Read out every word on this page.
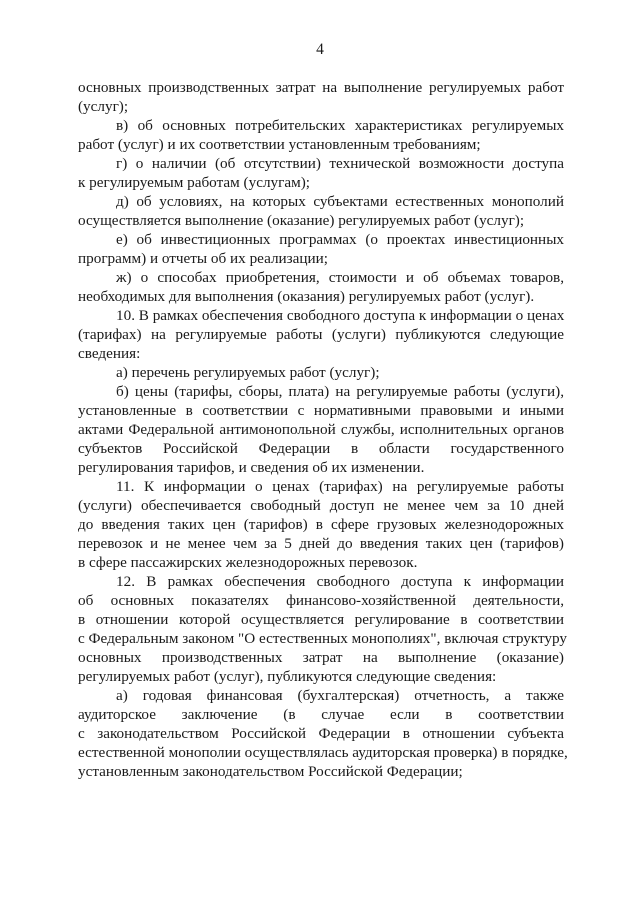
4
основных производственных затрат на выполнение регулируемых работ
(услуг);
в) об основных потребительских характеристиках регулируемых
работ (услуг) и их соответствии установленным требованиям;
г) о наличии (об отсутствии) технической возможности доступа
к регулируемым работам (услугам);
д) об условиях, на которых субъектами естественных монополий
осуществляется выполнение (оказание) регулируемых работ (услуг);
е) об инвестиционных программах (о проектах инвестиционных
программ) и отчеты об их реализации;
ж) о способах приобретения, стоимости и об объемах товаров,
необходимых для выполнения (оказания) регулируемых работ (услуг).
10. В рамках обеспечения свободного доступа к информации о ценах
(тарифах) на регулируемые работы (услуги) публикуются следующие
сведения:
а) перечень регулируемых работ (услуг);
б) цены (тарифы, сборы, плата) на регулируемые работы (услуги),
установленные в соответствии с нормативными правовыми и иными
актами Федеральной антимонопольной службы, исполнительных органов
субъектов Российской Федерации в области государственного
регулирования тарифов, и сведения об их изменении.
11. К информации о ценах (тарифах) на регулируемые работы
(услуги) обеспечивается свободный доступ не менее чем за 10 дней
до введения таких цен (тарифов) в сфере грузовых железнодорожных
перевозок и не менее чем за 5 дней до введения таких цен (тарифов)
в сфере пассажирских железнодорожных перевозок.
12. В рамках обеспечения свободного доступа к информации
об основных показателях финансово-хозяйственной деятельности,
в отношении которой осуществляется регулирование в соответствии
с Федеральным законом "О естественных монополиях", включая структуру
основных производственных затрат на выполнение (оказание)
регулируемых работ (услуг), публикуются следующие сведения:
а) годовая финансовая (бухгалтерская) отчетность, а также
аудиторское заключение (в случае если в соответствии
с законодательством Российской Федерации в отношении субъекта
естественной монополии осуществлялась аудиторская проверка) в порядке,
установленным законодательством Российской Федерации;
